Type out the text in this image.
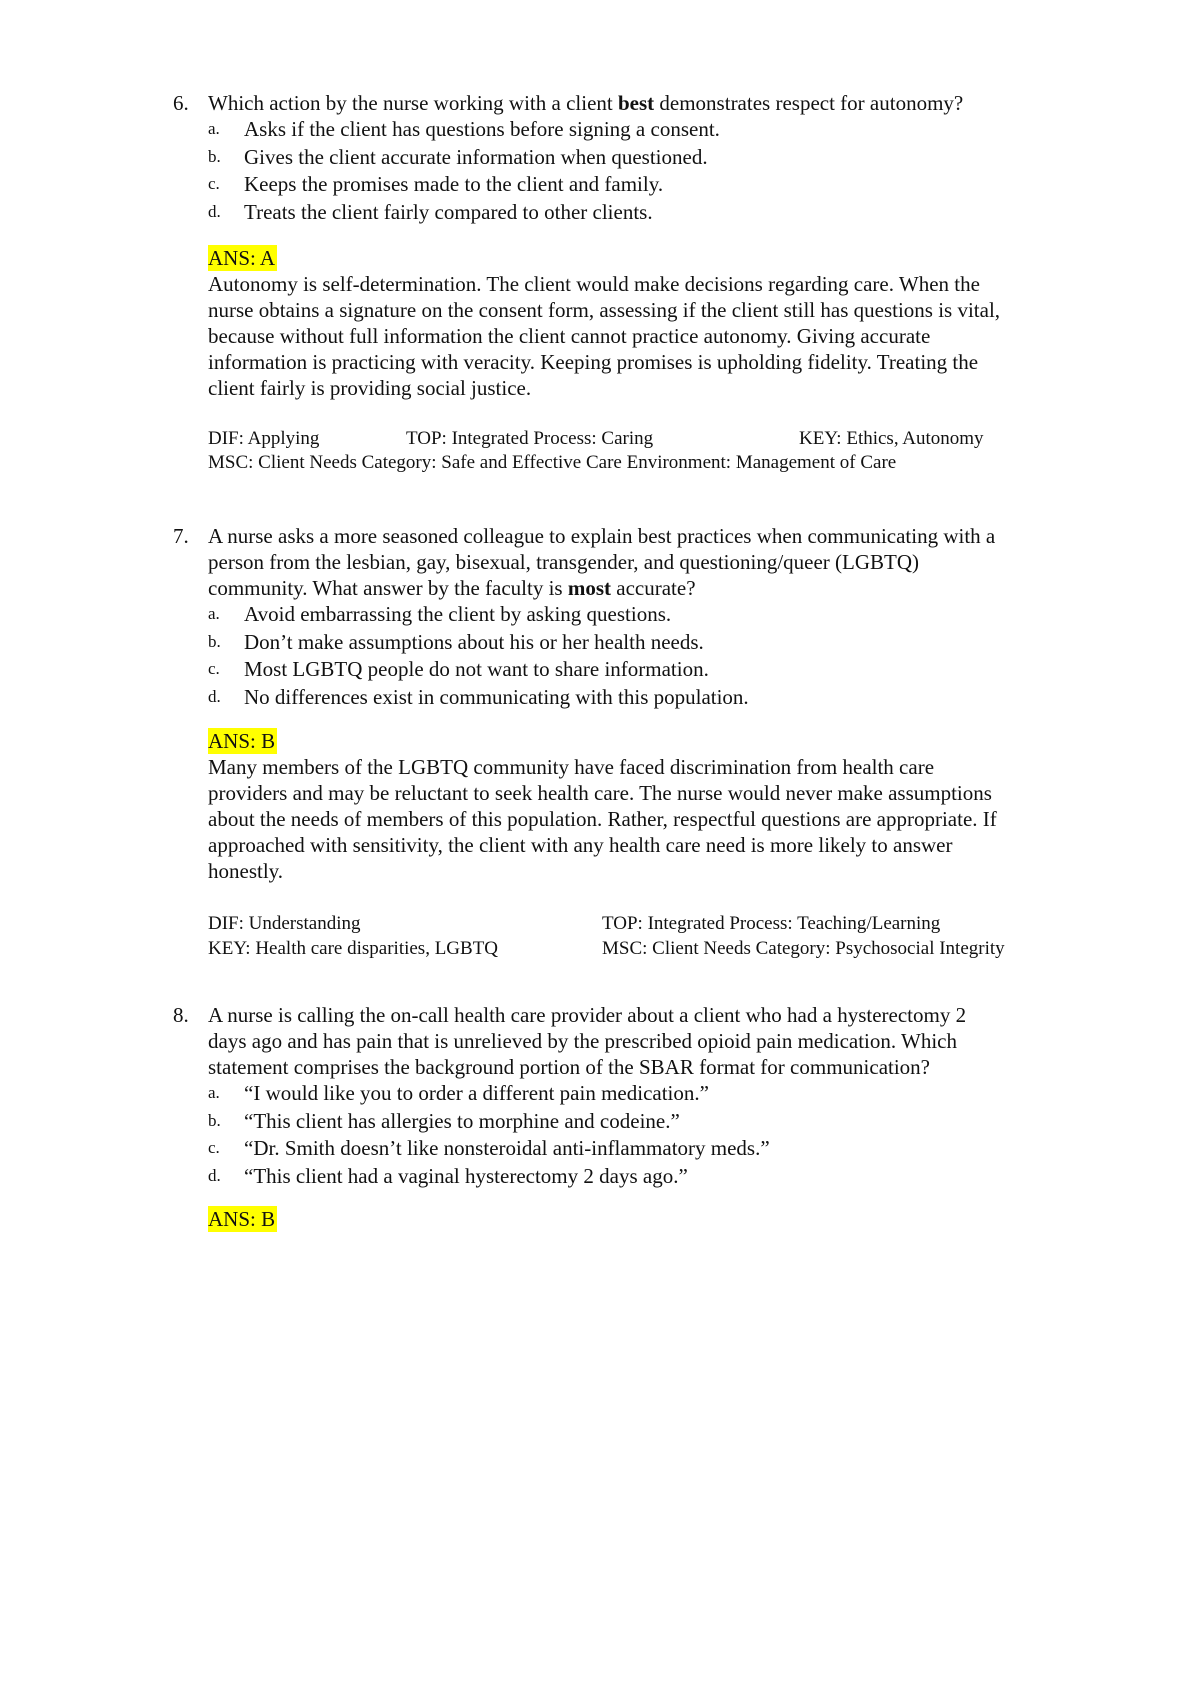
6. Which action by the nurse working with a client best demonstrates respect for autonomy?
a. Asks if the client has questions before signing a consent.
b. Gives the client accurate information when questioned.
c. Keeps the promises made to the client and family.
d. Treats the client fairly compared to other clients.
ANS: A
Autonomy is self-determination. The client would make decisions regarding care. When the
nurse obtains a signature on the consent form, assessing if the client still has questions is vital,
because without full information the client cannot practice autonomy. Giving accurate
information is practicing with veracity. Keeping promises is upholding fidelity. Treating the
client fairly is providing social justice.
DIF: Applying	TOP: Integrated Process: Caring	KEY: Ethics, Autonomy
MSC: Client Needs Category: Safe and Effective Care Environment: Management of Care
7. A nurse asks a more seasoned colleague to explain best practices when communicating with a
person from the lesbian, gay, bisexual, transgender, and questioning/queer (LGBTQ)
community. What answer by the faculty is most accurate?
a. Avoid embarrassing the client by asking questions.
b. Don’t make assumptions about his or her health needs.
c. Most LGBTQ people do not want to share information.
d. No differences exist in communicating with this population.
ANS: B
Many members of the LGBTQ community have faced discrimination from health care
providers and may be reluctant to seek health care. The nurse would never make assumptions
about the needs of members of this population. Rather, respectful questions are appropriate. If
approached with sensitivity, the client with any health care need is more likely to answer
honestly.
DIF: Understanding	TOP: Integrated Process: Teaching/Learning
KEY: Health care disparities, LGBTQ	MSC: Client Needs Category: Psychosocial Integrity
8. A nurse is calling the on-call health care provider about a client who had a hysterectomy 2
days ago and has pain that is unrelieved by the prescribed opioid pain medication. Which
statement comprises the background portion of the SBAR format for communication?
a. “I would like you to order a different pain medication.”
b. “This client has allergies to morphine and codeine.”
c. “Dr. Smith doesn’t like nonsteroidal anti-inflammatory meds.”
d. “This client had a vaginal hysterectomy 2 days ago.”
ANS: B
